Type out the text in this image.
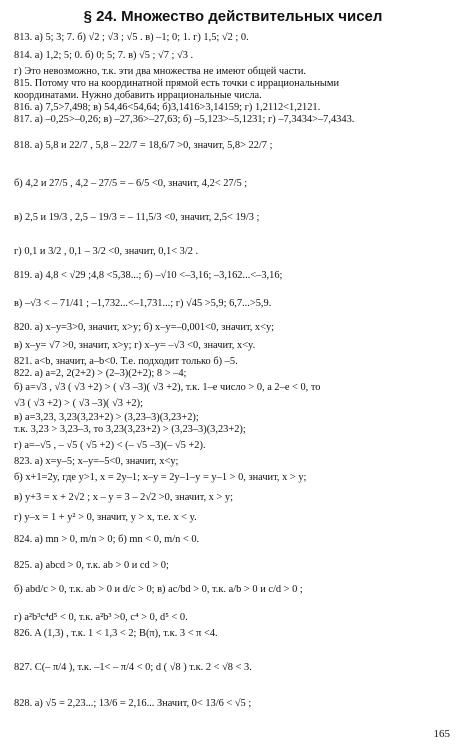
§ 24. Множество действительных чисел
813. а) 5; 3; 7. б) √2 ; √3 ; √5 . в) –1; 0; 1. г) 1,5; √2 ; 0.
814. а) 1,2; 5; 0. б) 0; 5; 7. в) √5 ; √7 ; √3 .
г) Это невозможно, т.к. эти два множества не имеют общей части.
815. Потому что на координатной прямой есть точки с иррациональными
координатами. Нужно добавить иррациональные числа.
816. а) 7,5>7,498; в) 54,46<54,64; б)3,1416>3,14159; г) 1,2112<1,2121.
817. а) –0,25>–0,26; в) –27,36>–27,63; б) –5,123>–5,1231; г) –7,3434>–7,4343.
818. а) 5,8 и 22/7 , 5,8 – 22/7 = 18,6/7 >0, значит, 5,8> 22/7 ;
б) 4,2 и 27/5 , 4,2 – 27/5 = – 6/5 <0, значит, 4,2< 27/5 ;
в) 2,5 и 19/3 , 2,5 – 19/3 = – 11,5/3 <0, значит, 2,5< 19/3 ;
г) 0,1 и 3/2 , 0,1 – 3/2 <0, значит, 0,1< 3/2 .
819. а) 4,8 < √29 ;4,8 <5,38...; б) –√10 <–3,16; –3,162...<–3,16;
в) –√3 < – 71/41 ; –1,732...<–1,731...; г) √45 >5,9; 6,7...>5,9.
820. а) x–y=3>0, значит, x>y; б) x–y=–0,001<0, значит, x<y;
в) x–y= √7 >0, значит, x>y; г) x–y= –√3 <0, значит, x<y.
821. a<b, значит, a–b<0. Т.е. подходит только б) –5.
822. а) a=2, 2(2+2) > (2–3)(2+2); 8 > –4;
б) a=√3 , √3 ( √3 +2) > ( √3 –3)( √3 +2), т.к. 1–е число > 0, а 2–е < 0, то
√3 ( √3 +2) > ( √3 –3)( √3 +2);
в) a=3,23, 3,23(3,23+2) > (3,23–3)(3,23+2);
т.к. 3,23 > 3,23–3, то 3,23(3,23+2) > (3,23–3)(3,23+2);
г) a=–√5 , – √5 ( √5 +2) < (– √5 –3)(– √5 +2).
823. а) x=y–5; x–y=–5<0, значит, x<y;
б) x+1=2y, где y>1, x = 2y–1; x–y = 2y–1–y = y–1 > 0, значит, x > y;
в) y+3 = x + 2√2 ; x – y = 3 – 2√2 >0, значит, x > y;
г) y–x = 1 + y² > 0, значит, y > x, т.е. x < y.
824. а) mn > 0, m/n > 0; б) mn < 0, m/n < 0.
825. а) abcd > 0, т.к. ab > 0 и cd > 0;
б) abd/c > 0, т.к. ab > 0 и d/c > 0; в) ac/bd > 0, т.к. a/b > 0 и c/d > 0 ;
г) a²b³c⁴d⁵ < 0, т.к. a²b³ >0, c⁴ > 0, d⁵ < 0.
826. A (1,3) , т.к. 1 < 1,3 < 2; B(π), т.к. 3 < π <4.
827. C(– π/4 ), т.к. –1< – π/4 < 0; d ( √8 ) т.к. 2 < √8 < 3.
828. а) √5 = 2,23...; 13/6 = 2,16... Значит, 0< 13/6 < √5 ;
165
